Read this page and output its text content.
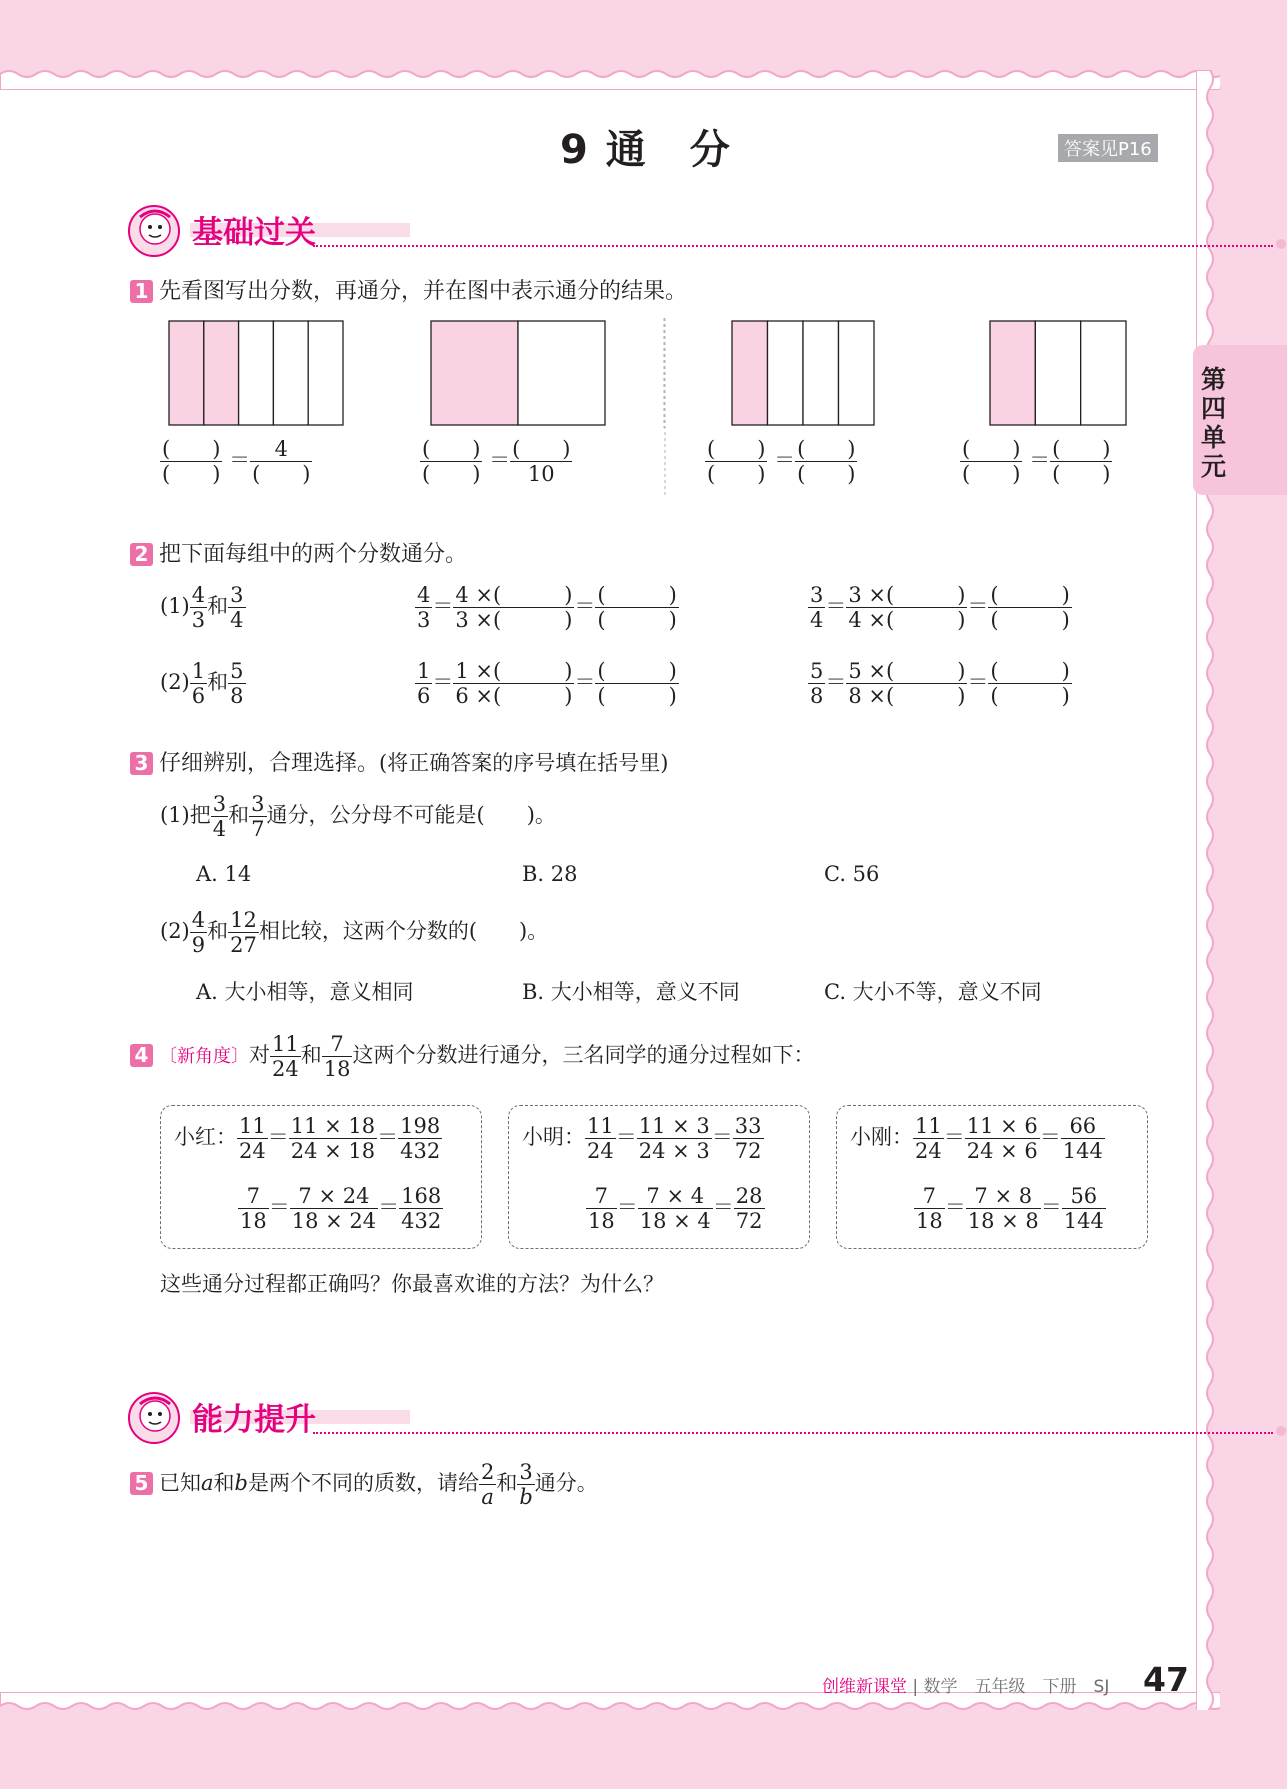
9 通　分	答案见P16
第四单元
基础过关
1 先看图写出分数，再通分，并在图中表示通分的结果。
$\frac{( )}{( )} = \frac{4}{( )}$	$\frac{( )}{( )} = \frac{( )}{10}$	$\frac{( )}{( )} = \frac{( )}{( )}$	$\frac{( )}{( )} = \frac{( )}{( )}$
2 把下面每组中的两个分数通分。
$(1) \frac{4}{3}$ 和 $\frac{3}{4}$	$\frac{4}{3} = \frac{4 \times( )}{3 \times( )} = \frac{( )}{( )}$	$\frac{3}{4} = \frac{3 \times( )}{4 \times( )} = \frac{( )}{( )}$
$(2) \frac{1}{6}$ 和 $\frac{5}{8}$	$\frac{1}{6} = \frac{1 \times( )}{6 \times( )} = \frac{( )}{( )}$	$\frac{5}{8} = \frac{5 \times( )}{8 \times( )} = \frac{( )}{( )}$
3 仔细辨别，合理选择。(将正确答案的序号填在括号里)
(1)把 $\frac{3}{4}$ 和 $\frac{3}{7}$ 通分，公分母不可能是(　　)。
A. 14	B. 28	C. 56
$(2) \frac{4}{9}$ 和 $\frac{12}{27}$ 相比较，这两个分数的(　　)。
A. 大小相等，意义相同	B. 大小相等，意义不同	C. 大小不等，意义不同
4 〔新角度〕对 $\frac{11}{24}$ 和 $\frac{7}{18}$ 这两个分数进行通分，三名同学的通分过程如下：
小红： $\frac{11}{24} = \frac{11 \times 18}{24 \times 18} = \frac{198}{432}$
$\frac{7}{18} = \frac{7 \times 24}{18 \times 24} = \frac{168}{432}$
小明： $\frac{11}{24} = \frac{11 \times 3}{24 \times 3} = \frac{33}{72}$
$\frac{7}{18} = \frac{7 \times 4}{18 \times 4} = \frac{28}{72}$
小刚： $\frac{11}{24} = \frac{11 \times 6}{24 \times 6} = \frac{66}{144}$
$\frac{7}{18} = \frac{7 \times 8}{18 \times 8} = \frac{56}{144}$
这些通分过程都正确吗？你最喜欢谁的方法？为什么？
能力提升
5 已知a和b是两个不同的质数，请给 $\frac{2}{a}$和 $\frac{3}{b}$通分。
创维新课堂 | 数学　五年级　下册　SJ 47
